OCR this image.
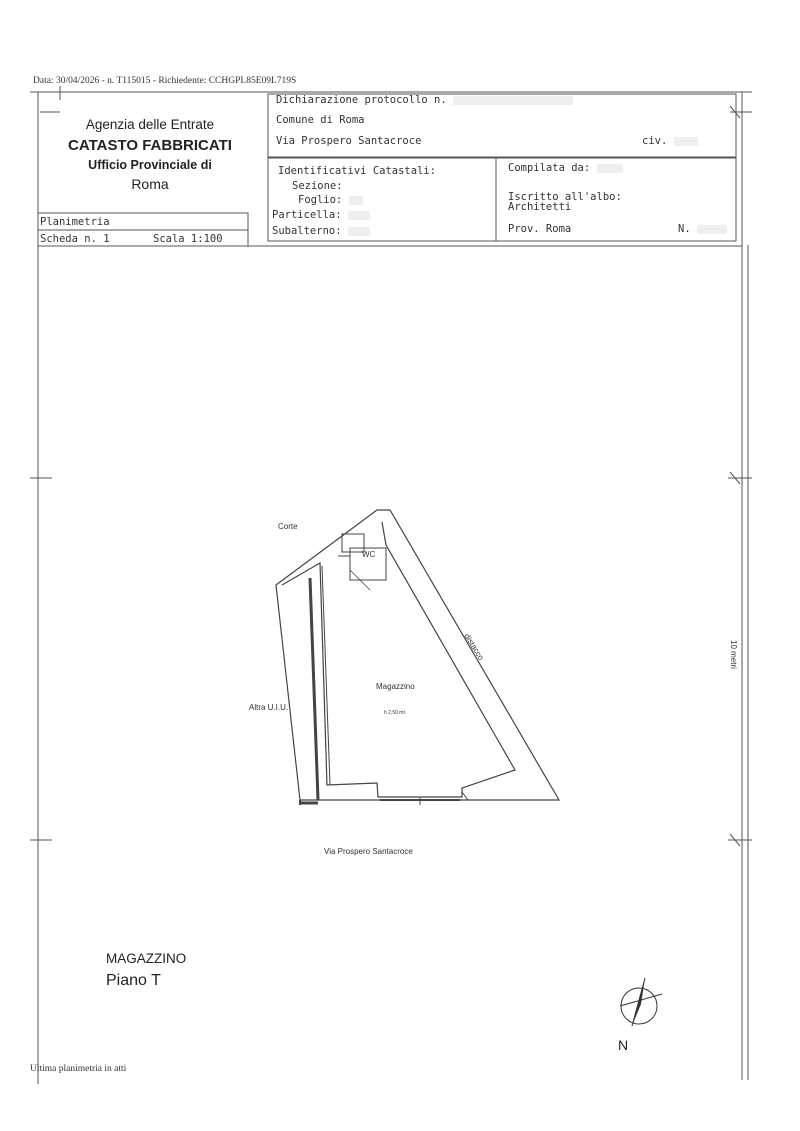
Data: 30/04/2026 - n. T115015 - Richiedente: CCHGPL85E09L719S
Agenzia delle Entrate
CATASTO FABBRICATI
Ufficio Provinciale di
Roma
Planimetria
Scheda n. 1	Scala 1:100
Dichiarazione protocollo n.
Comune di Roma
Via Prospero Santacroce	civ.
Identificativi Catastali:
Sezione:
Foglio:
Particella:
Subalterno:
Compilata da:
Iscritto all'albo:
Architetti
Prov. Roma	N.
Corte
WC
distacco
Magazzino
h 2,50 mt
Altra U.I.U.
Via Prospero Santacroce
10 metri
N
MAGAZZINO
Piano T
Ultima planimetria in atti
